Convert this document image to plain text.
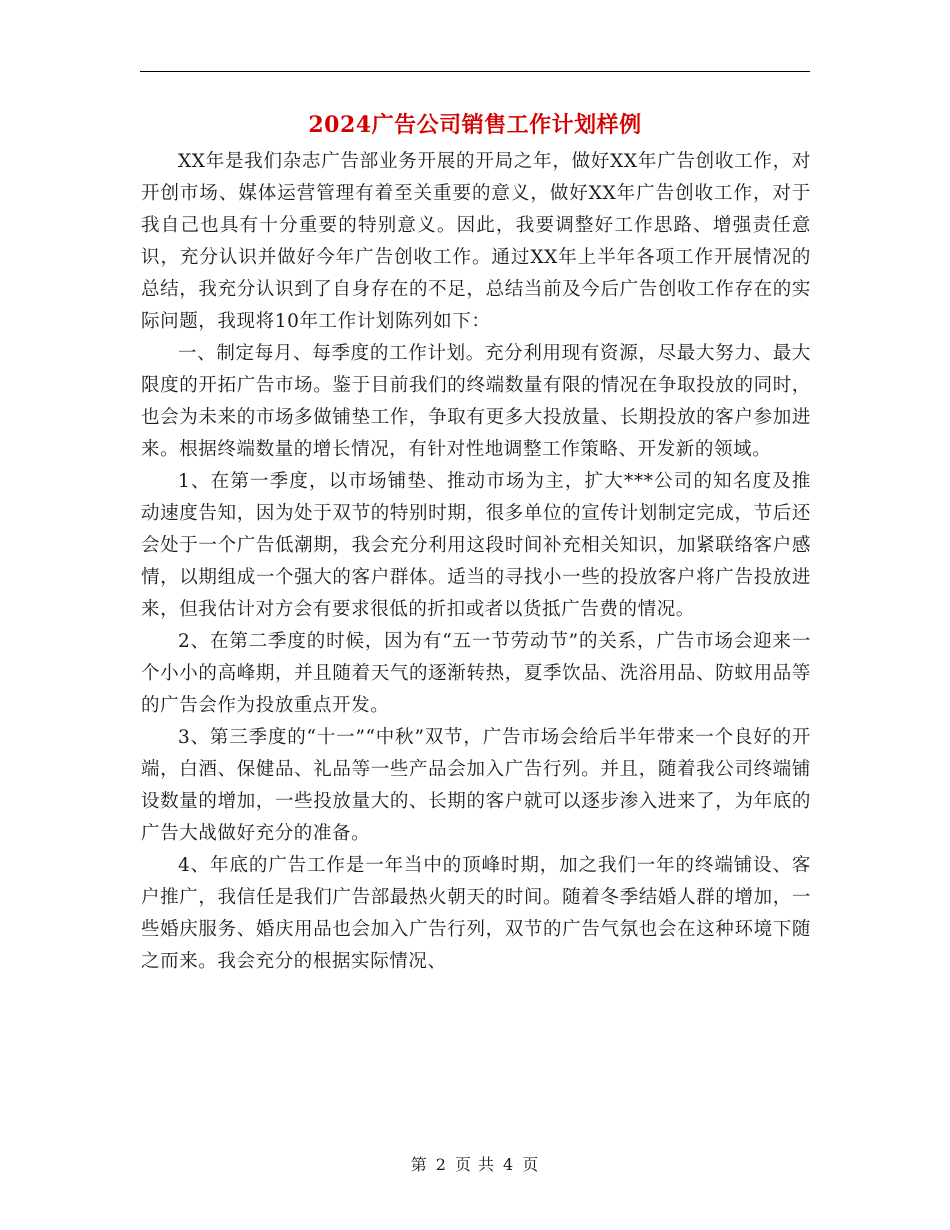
2024广告公司销售工作计划样例

XX年是我们杂志广告部业务开展的开局之年，做好XX年广告创收工作，对开创市场、媒体运营管理有着至关重要的意义，做好XX年广告创收工作，对于我自己也具有十分重要的特别意义。因此，我要调整好工作思路、增强责任意识，充分认识并做好今年广告创收工作。通过XX年上半年各项工作开展情况的总结，我充分认识到了自身存在的不足，总结当前及今后广告创收工作存在的实际问题，我现将10年工作计划陈列如下：

一、制定每月、每季度的工作计划。充分利用现有资源，尽最大努力、最大限度的开拓广告市场。鉴于目前我们的终端数量有限的情况在争取投放的同时，也会为未来的市场多做铺垫工作，争取有更多大投放量、长期投放的客户参加进来。根据终端数量的增长情况，有针对性地调整工作策略、开发新的领域。

1、在第一季度，以市场铺垫、推动市场为主，扩大***公司的知名度及推动速度告知，因为处于双节的特别时期，很多单位的宣传计划制定完成，节后还会处于一个广告低潮期，我会充分利用这段时间补充相关知识，加紧联络客户感情，以期组成一个强大的客户群体。适当的寻找小一些的投放客户将广告投放进来，但我估计对方会有要求很低的折扣或者以货抵广告费的情况。

2、在第二季度的时候，因为有“五一节劳动节”的关系，广告市场会迎来一个小小的高峰期，并且随着天气的逐渐转热，夏季饮品、洗浴用品、防蚊用品等的广告会作为投放重点开发。

3、第三季度的“十一”“中秋”双节，广告市场会给后半年带来一个良好的开端，白酒、保健品、礼品等一些产品会加入广告行列。并且，随着我公司终端铺设数量的增加，一些投放量大的、长期的客户就可以逐步渗入进来了，为年底的广告大战做好充分的准备。

4、年底的广告工作是一年当中的顶峰时期，加之我们一年的终端铺设、客户推广，我信任是我们广告部最热火朝天的时间。随着冬季结婚人群的增加，一些婚庆服务、婚庆用品也会加入广告行列，双节的广告气氛也会在这种环境下随之而来。我会充分的根据实际情况、

第 2 页 共 4 页
